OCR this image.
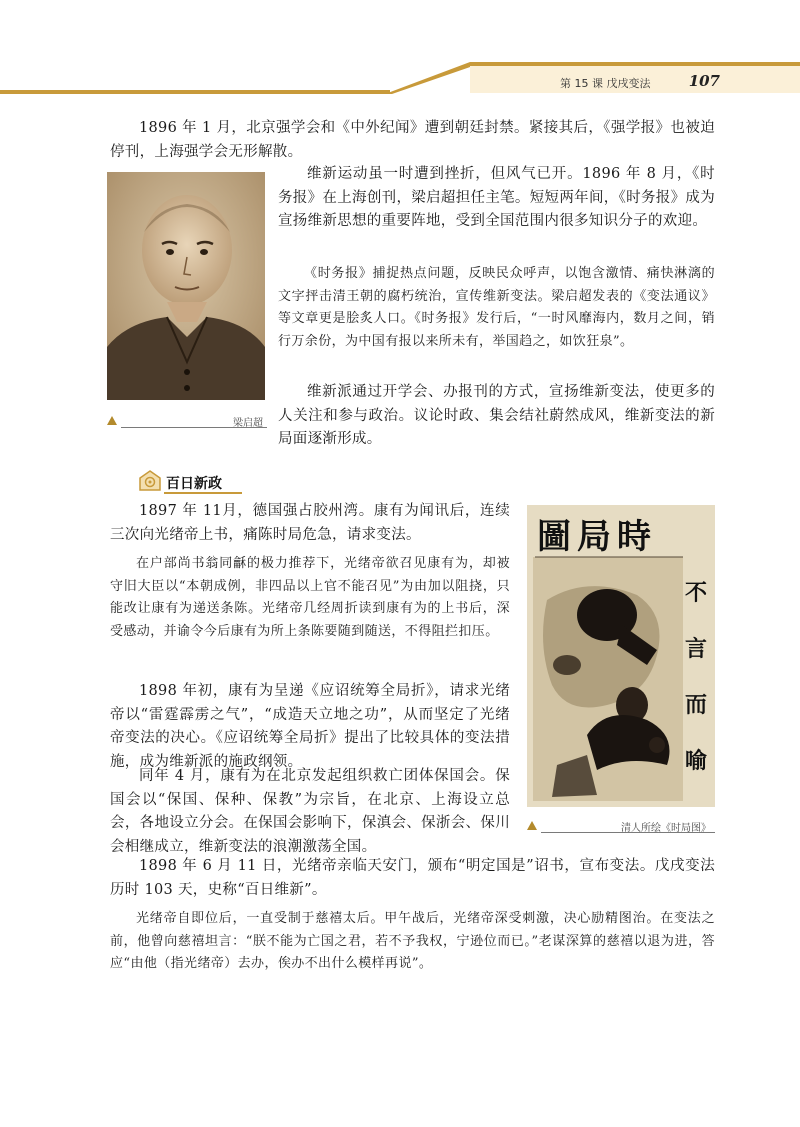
第 15 课 戊戌变法	107

1896 年 1 月，北京强学会和《中外纪闻》遭到朝廷封禁。紧接其后，《强学报》也被迫停刊，上海强学会无形解散。

梁启超

维新运动虽一时遭到挫折，但风气已开。1896 年 8 月，《时务报》在上海创刊，梁启超担任主笔。短短两年间，《时务报》成为宣扬维新思想的重要阵地，受到全国范围内很多知识分子的欢迎。

《时务报》捕捉热点问题，反映民众呼声，以饱含激情、痛快淋漓的文字抨击清王朝的腐朽统治，宣传维新变法。梁启超发表的《变法通议》等文章更是脍炙人口。《时务报》发行后，“一时风靡海内，数月之间，销行万余份，为中国有报以来所未有，举国趋之，如饮狂泉”。

维新派通过开学会、办报刊的方式，宣扬维新变法，使更多的人关注和参与政治。议论时政、集会结社蔚然成风，维新变法的新局面逐渐形成。

百日新政

1897 年 11月，德国强占胶州湾。康有为闻讯后，连续三次向光绪帝上书，痛陈时局危急，请求变法。

在户部尚书翁同龢的极力推荐下，光绪帝欲召见康有为，却被守旧大臣以“本朝成例，非四品以上官不能召见”为由加以阻挠，只能改让康有为递送条陈。光绪帝几经周折读到康有为的上书后，深受感动，并谕令今后康有为所上条陈要随到随送，不得阻拦扣压。

1898 年初，康有为呈递《应诏统筹全局折》，请求光绪帝以“雷霆霹雳之气”，“成造天立地之功”，从而坚定了光绪帝变法的决心。《应诏统筹全局折》提出了比较具体的变法措施，成为维新派的施政纲领。

同年 4 月，康有为在北京发起组织救亡团体保国会。保国会以“保国、保种、保教”为宗旨，在北京、上海设立总会，各地设立分会。在保国会影响下，保滇会、保浙会、保川会相继成立，维新变法的浪潮激荡全国。

時局圖
不
言
而
喻
清人所绘《时局图》

1898 年 6 月 11 日，光绪帝亲临天安门，颁布“明定国是”诏书，宣布变法。戊戌变法历时 103 天，史称“百日维新”。

光绪帝自即位后，一直受制于慈禧太后。甲午战后，光绪帝深受刺激，决心励精图治。在变法之前，他曾向慈禧坦言：“朕不能为亡国之君，若不予我权，宁逊位而已。”老谋深算的慈禧以退为进，答应“由他（指光绪帝）去办，俟办不出什么模样再说”。
